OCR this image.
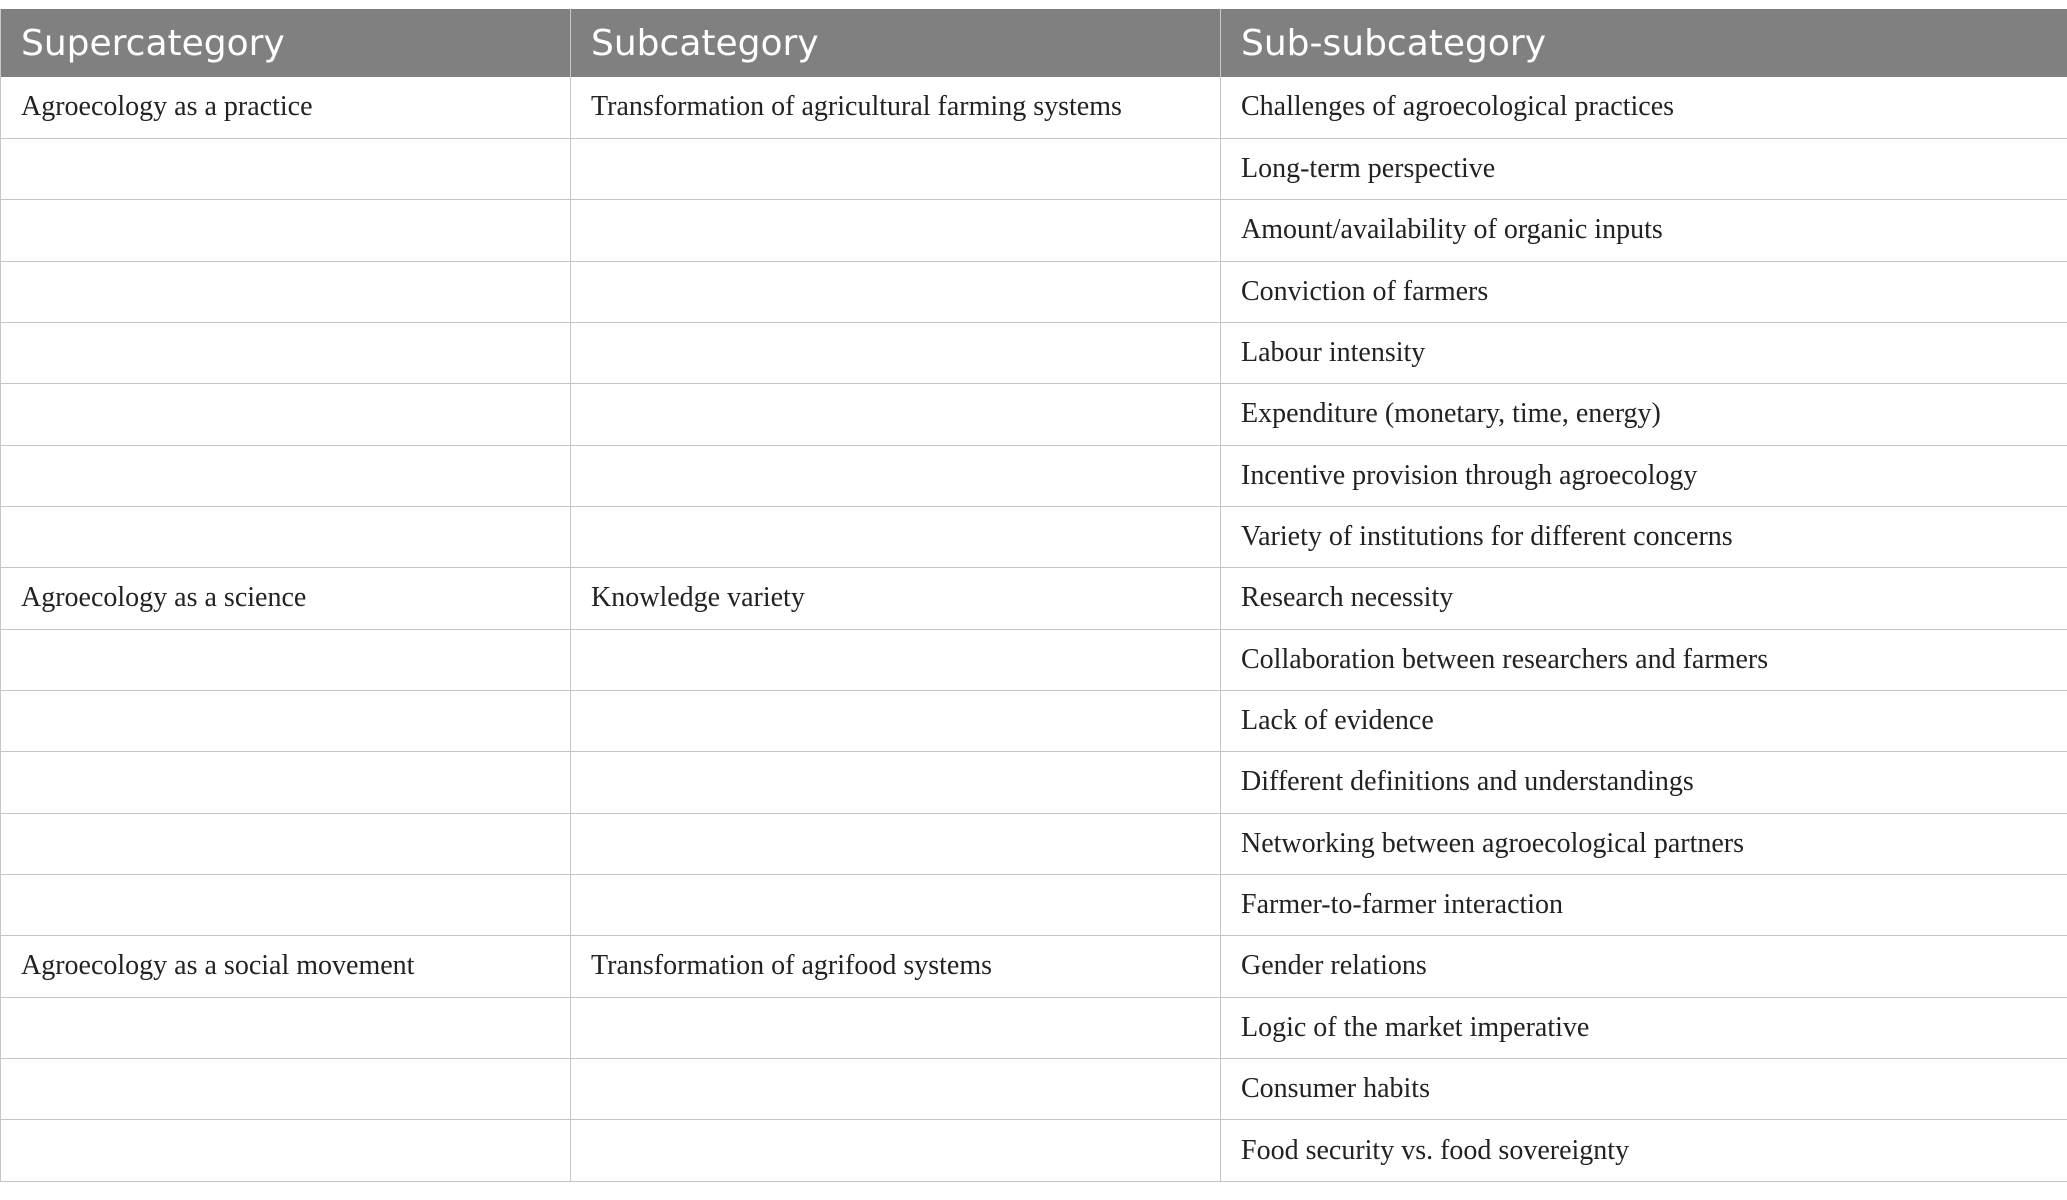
Supercategory	Subcategory	Sub-subcategory
Agroecology as a practice	Transformation of agricultural farming systems	Challenges of agroecological practices
		Long-term perspective
		Amount/availability of organic inputs
		Conviction of farmers
		Labour intensity
		Expenditure (monetary, time, energy)
		Incentive provision through agroecology
		Variety of institutions for different concerns
Agroecology as a science	Knowledge variety	Research necessity
		Collaboration between researchers and farmers
		Lack of evidence
		Different definitions and understandings
		Networking between agroecological partners
		Farmer-to-farmer interaction
Agroecology as a social movement	Transformation of agrifood systems	Gender relations
		Logic of the market imperative
		Consumer habits
		Food security vs. food sovereignty
